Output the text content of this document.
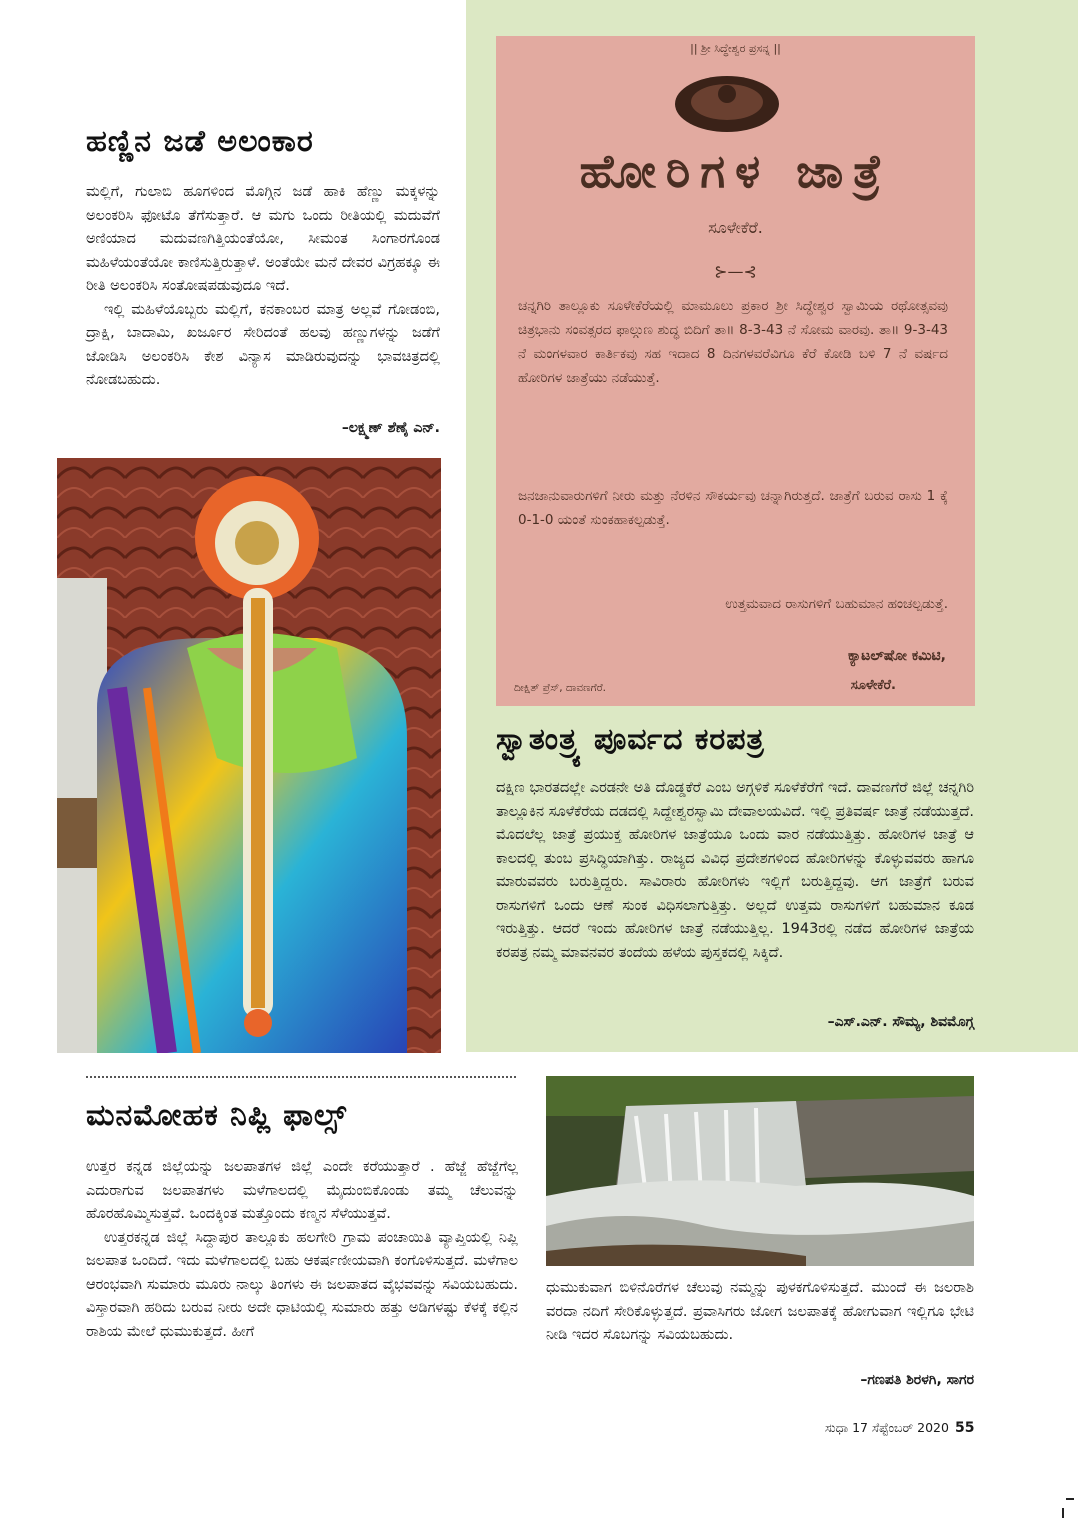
ಹಣ್ಣಿನ ಜಡೆ ಅಲಂಕಾರ

ಮಲ್ಲಿಗೆ, ಗುಲಾಬಿ ಹೂಗಳಿಂದ ಮೊಗ್ಗಿನ ಜಡೆ ಹಾಕಿ ಹೆಣ್ಣು ಮಕ್ಕಳನ್ನು ಅಲಂಕರಿಸಿ ಫೋಟೊ ತೆಗೆಸುತ್ತಾರೆ. ಆ ಮಗು ಒಂದು ರೀತಿಯಲ್ಲಿ ಮದುವೆಗೆ ಅಣಿಯಾದ ಮದುವಣಗಿತ್ತಿಯಂತೆಯೋ, ಸೀಮಂತ ಸಿಂಗಾರಗೊಂಡ ಮಹಿಳೆಯಂತೆಯೋ ಕಾಣಿಸುತ್ತಿರುತ್ತಾಳೆ. ಅಂತೆಯೇ ಮನೆ ದೇವರ ವಿಗ್ರಹಕ್ಕೂ ಈ ರೀತಿ ಅಲಂಕರಿಸಿ ಸಂತೋಷಪಡುವುದೂ ಇದೆ.

ಇಲ್ಲಿ ಮಹಿಳೆಯೊಬ್ಬರು ಮಲ್ಲಿಗೆ, ಕನಕಾಂಬರ ಮಾತ್ರ ಅಲ್ಲವೆ ಗೋಡಂಬಿ, ದ್ರಾಕ್ಷಿ, ಬಾದಾಮಿ, ಖರ್ಜೂರ ಸೇರಿದಂತೆ ಹಲವು ಹಣ್ಣುಗಳನ್ನು ಜಡೆಗೆ ಜೋಡಿಸಿ ಅಲಂಕರಿಸಿ ಕೇಶ ವಿನ್ಯಾಸ ಮಾಡಿರುವುದನ್ನು ಭಾವಚಿತ್ರದಲ್ಲಿ ನೋಡಬಹುದು.

–ಲಕ್ಷ್ಮಣ್ ಶೆಣೈ ಎನ್.
|| ಶ್ರೀ ಸಿದ್ಧೇಶ್ವರ ಪ್ರಸನ್ನ ||
ಹೋರಿಗಳ ಜಾತ್ರೆ
ಸೂಳೇಕೆರೆ.
⊱—⊰
ಚನ್ನಗಿರಿ ತಾಲ್ಲೂಕು ಸೂಳೇಕೆರೆಯಲ್ಲಿ ಮಾಮೂಲು ಪ್ರಕಾರ ಶ್ರೀ ಸಿದ್ಧೇಶ್ವರ ಸ್ವಾಮಿಯ ರಥೋತ್ಸವವು ಚಿತ್ರಭಾನು ಸಂವತ್ಸರದ ಫಾಲ್ಗುಣ ಶುದ್ಧ ಬಿದಿಗೆ ತಾ॥ 8-3-43 ನೆ ಸೋಮ ವಾರವು. ತಾ॥ 9-3-43 ನೆ ಮಂಗಳವಾರ ಕಾರ್ತಿಕವು ಸಹ ಇದಾದ 8 ದಿನಗಳವರೆವಿಗೂ ಕೆರೆ ಕೋಡಿ ಬಳಿ 7 ನೆ ವರ್ಷದ ಹೋರಿಗಳ ಜಾತ್ರೆಯು ನಡೆಯುತ್ತೆ.
ಜನಜಾನುವಾರುಗಳಿಗೆ ನೀರು ಮತ್ತು ನೆರಳಿನ ಸೌಕರ್ಯವು ಚನ್ನಾಗಿರುತ್ತದೆ. ಜಾತ್ರೆಗೆ ಬರುವ ರಾಸು 1 ಕ್ಕೆ 0-1-0 ಯಂತೆ ಸುಂಕಹಾಕಲ್ಪಡುತ್ತೆ.
ಉತ್ತಮವಾದ ರಾಸುಗಳಿಗೆ ಬಹುಮಾನ ಹಂಚಲ್ಪಡುತ್ತೆ.
ಕ್ಯಾಟಲ್‌ಷೋ ಕಮಿಟಿ,
ಸೂಳೇಕೆರೆ.
ದೀಕ್ಷಿತ್ ಪ್ರೆಸ್, ದಾವಣಗೆರೆ.
ಸ್ವಾತಂತ್ರ್ಯ ಪೂರ್ವದ ಕರಪತ್ರ

ದಕ್ಷಿಣ ಭಾರತದಲ್ಲೇ ಎರಡನೇ ಅತಿ ದೊಡ್ಡಕೆರೆ ಎಂಬ ಅಗ್ಗಳಿಕೆ ಸೂಳೆಕೆರೆಗೆ ಇದೆ. ದಾವಣಗೆರೆ ಜಿಲ್ಲೆ ಚನ್ನಗಿರಿ ತಾಲ್ಲೂಕಿನ ಸೂಳೆಕೆರೆಯ ದಡದಲ್ಲಿ ಸಿದ್ದೇಶ್ವರಸ್ವಾಮಿ ದೇವಾಲಯವಿದೆ. ಇಲ್ಲಿ ಪ್ರತಿವರ್ಷ ಜಾತ್ರೆ ನಡೆಯುತ್ತದೆ. ಮೊದಲೆಲ್ಲ ಜಾತ್ರೆ ಪ್ರಯುಕ್ತ ಹೋರಿಗಳ ಜಾತ್ರೆಯೂ ಒಂದು ವಾರ ನಡೆಯುತ್ತಿತ್ತು. ಹೋರಿಗಳ ಜಾತ್ರೆ ಆ ಕಾಲದಲ್ಲಿ ತುಂಬ ಪ್ರಸಿದ್ಧಿಯಾಗಿತ್ತು. ರಾಜ್ಯದ ವಿವಿಧ ಪ್ರದೇಶಗಳಿಂದ ಹೋರಿಗಳನ್ನು ಕೊಳ್ಳುವವರು ಹಾಗೂ ಮಾರುವವರು ಬರುತ್ತಿದ್ದರು. ಸಾವಿರಾರು ಹೋರಿಗಳು ಇಲ್ಲಿಗೆ ಬರುತ್ತಿದ್ದವು. ಆಗ ಜಾತ್ರೆಗೆ ಬರುವ ರಾಸುಗಳಿಗೆ ಒಂದು ಆಣೆ ಸುಂಕ ವಿಧಿಸಲಾಗುತ್ತಿತ್ತು. ಅಲ್ಲದೆ ಉತ್ತಮ ರಾಸುಗಳಿಗೆ ಬಹುಮಾನ ಕೂಡ ಇರುತ್ತಿತ್ತು. ಆದರೆ ಇಂದು ಹೋರಿಗಳ ಜಾತ್ರೆ ನಡೆಯುತ್ತಿಲ್ಲ. 1943ರಲ್ಲಿ ನಡೆದ ಹೋರಿಗಳ ಜಾತ್ರೆಯ ಕರಪತ್ರ ನಮ್ಮ ಮಾವನವರ ತಂದೆಯ ಹಳೆಯ ಪುಸ್ತಕದಲ್ಲಿ ಸಿಕ್ಕಿದೆ.

–ಎಸ್.ಎನ್. ಸೌಮ್ಯ, ಶಿವಮೊಗ್ಗ
ಮನಮೋಹಕ ನಿಪ್ಲಿ ಫಾಲ್ಸ್

ಉತ್ತರ ಕನ್ನಡ ಜಿಲ್ಲೆಯನ್ನು ಜಲಪಾತಗಳ ಜಿಲ್ಲೆ ಎಂದೇ ಕರೆಯುತ್ತಾರೆ . ಹೆಜ್ಜೆ ಹೆಜ್ಜೆಗೆಲ್ಲ ಎದುರಾಗುವ ಜಲಪಾತಗಳು ಮಳೆಗಾಲದಲ್ಲಿ ಮೈದುಂಬಿಕೊಂಡು ತಮ್ಮ ಚೆಲುವನ್ನು ಹೊರಹೊಮ್ಮಿಸುತ್ತವೆ. ಒಂದಕ್ಕಿಂತ ಮತ್ತೊಂದು ಕಣ್ಮನ ಸೆಳೆಯುತ್ತವೆ.

ಉತ್ತರಕನ್ನಡ ಜಿಲ್ಲೆ ಸಿದ್ದಾಪುರ ತಾಲ್ಲೂಕು ಹಲಗೇರಿ ಗ್ರಾಮ ಪಂಚಾಯಿತಿ ವ್ಯಾಪ್ತಿಯಲ್ಲಿ ನಿಪ್ಲಿ ಜಲಪಾತ ಒಂದಿದೆ. ಇದು ಮಳೆಗಾಲದಲ್ಲಿ ಬಹು ಆಕರ್ಷಣೀಯವಾಗಿ ಕಂಗೊಳಿಸುತ್ತದೆ. ಮಳೆಗಾಲ ಆರಂಭವಾಗಿ ಸುಮಾರು ಮೂರು ನಾಲ್ಕು ತಿಂಗಳು ಈ ಜಲಪಾತದ ವೈಭವವನ್ನು ಸವಿಯಬಹುದು. ವಿಸ್ತಾರವಾಗಿ ಹರಿದು ಬರುವ ನೀರು ಅದೇ ಧಾಟಿಯಲ್ಲಿ ಸುಮಾರು ಹತ್ತು ಅಡಿಗಳಷ್ಟು ಕೆಳಕ್ಕೆ ಕಲ್ಲಿನ ರಾಶಿಯ ಮೇಲೆ ಧುಮುಕುತ್ತದೆ. ಹೀಗೆ

ಧುಮುಕುವಾಗ ಬಿಳಿನೊರೆಗಳ ಚೆಲುವು ನಮ್ಮನ್ನು ಪುಳಕಗೊಳಿಸುತ್ತದೆ. ಮುಂದೆ ಈ ಜಲರಾಶಿ ವರದಾ ನದಿಗೆ ಸೇರಿಕೊಳ್ಳುತ್ತದೆ. ಪ್ರವಾಸಿಗರು ಜೋಗ ಜಲಪಾತಕ್ಕೆ ಹೋಗುವಾಗ ಇಲ್ಲಿಗೂ ಭೇಟಿ ನೀಡಿ ಇದರ ಸೊಬಗನ್ನು ಸವಿಯಬಹುದು.

–ಗಣಪತಿ ಶಿರಳಗಿ, ಸಾಗರ
ಸುಧಾ 17 ಸೆಪ್ಟೆಂಬರ್ 2020 55
